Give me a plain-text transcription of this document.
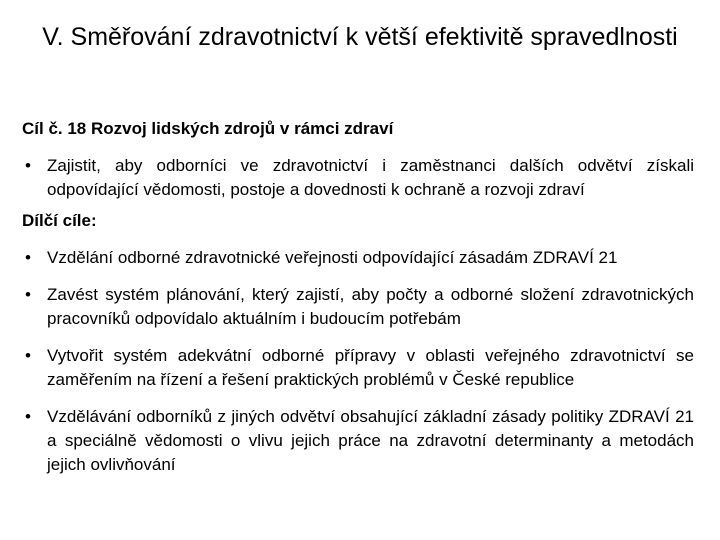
V. Směřování zdravotnictví k větší efektivitě spravedlnosti

Cíl č. 18 Rozvoj lidských zdrojů v rámci zdraví

• Zajistit, aby odborníci ve zdravotnictví i zaměstnanci dalších odvětví získali odpovídající vědomosti, postoje a dovednosti k ochraně a rozvoji zdraví

Dílčí cíle:

• Vzdělání odborné zdravotnické veřejnosti odpovídající zásadám ZDRAVÍ 21
• Zavést systém plánování, který zajistí, aby počty a odborné složení zdravotnických pracovníků odpovídalo aktuálním i budoucím potřebám
• Vytvořit systém adekvátní odborné přípravy v oblasti veřejného zdravotnictví se zaměřením na řízení a řešení praktických problémů v České republice
• Vzdělávání odborníků z jiných odvětví obsahující základní zásady politiky ZDRAVÍ 21 a speciálně vědomosti o vlivu jejich práce na zdravotní determinanty a metodách jejich ovlivňování
